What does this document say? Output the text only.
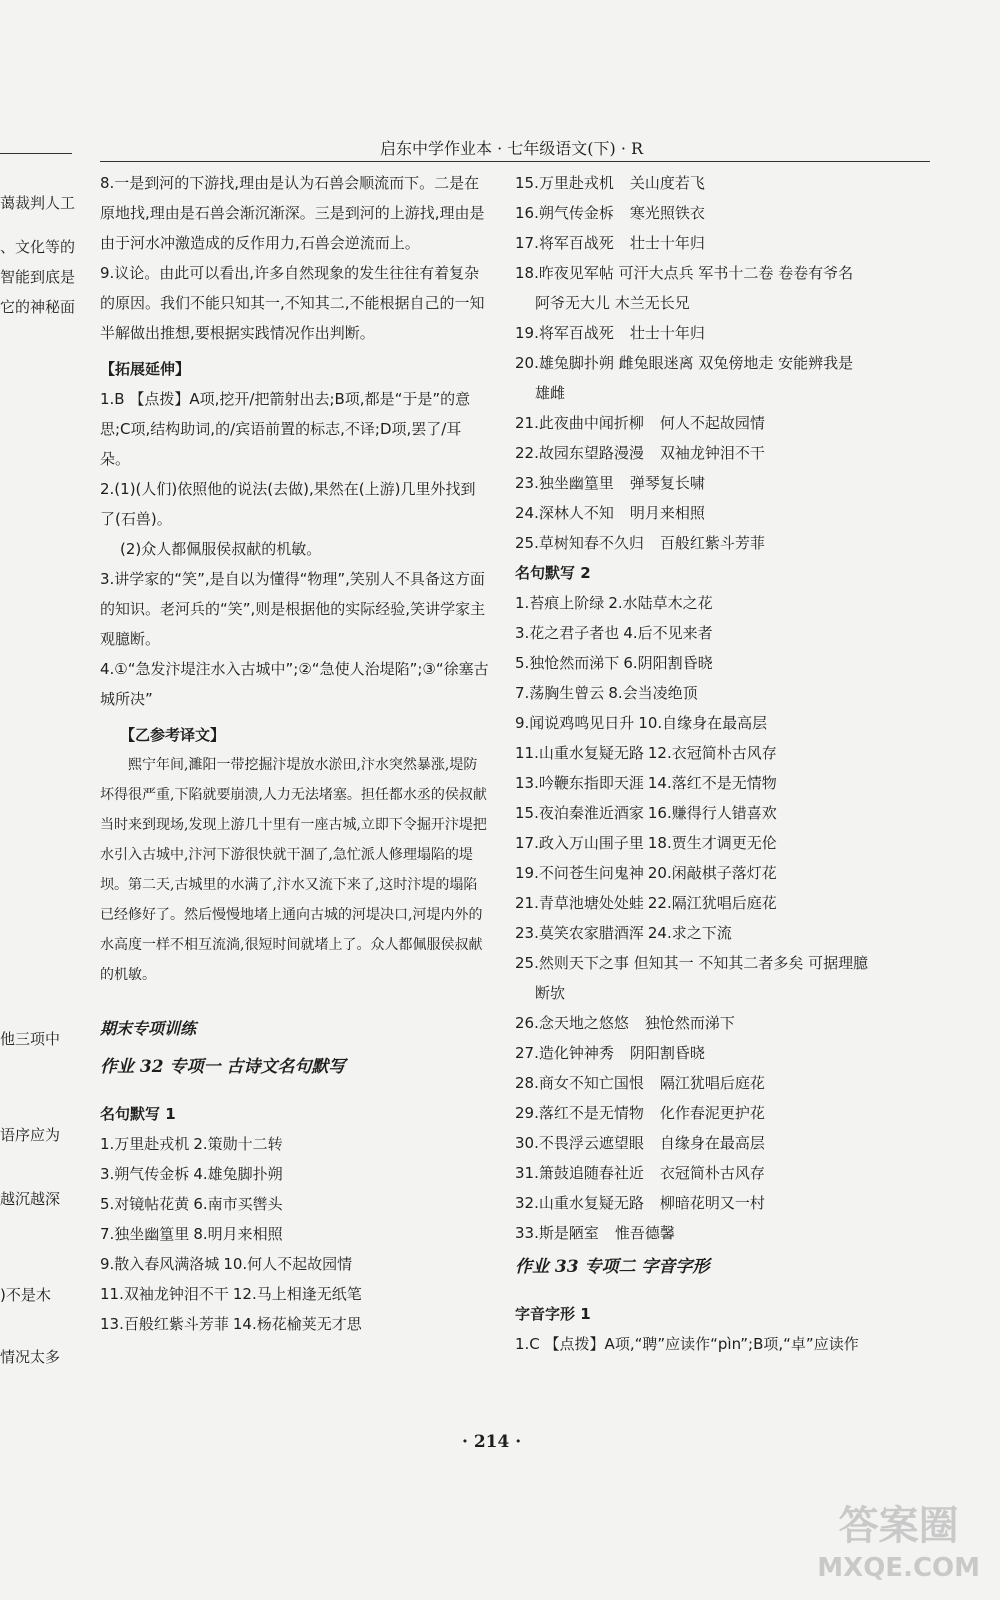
启东中学作业本 · 七年级语文(下) · R
蔼裁判人工
、文化等的
智能到底是
它的神秘面
他三项中
语序应为
越沉越深
)不是木
情况太多

8.一是到河的下游找,理由是认为石兽会顺流而下。二是在原地找,理由是石兽会渐沉渐深。三是到河的上游找,理由是由于河水冲激造成的反作用力,石兽会逆流而上。

9.议论。由此可以看出,许多自然现象的发生往往有着复杂的原因。我们不能只知其一,不知其二,不能根据自己的一知半解做出推想,要根据实践情况作出判断。

【拓展延伸】

1.B 【点拨】A项,挖开/把箭射出去;B项,都是“于是”的意思;C项,结构助词,的/宾语前置的标志,不译;D项,罢了/耳朵。

2.(1)(人们)依照他的说法(去做),果然在(上游)几里外找到了(石兽)。

(2)众人都佩服侯叔献的机敏。

3.讲学家的“笑”,是自以为懂得“物理”,笑别人不具备这方面的知识。老河兵的“笑”,则是根据他的实际经验,笑讲学家主观臆断。

4.①“急发汴堤注水入古城中”;②“急使人治堤陷”;③“徐塞古城所决”

【乙参考译文】

熙宁年间,濉阳一带挖掘汴堤放水淤田,汴水突然暴涨,堤防坏得很严重,下陷就要崩溃,人力无法堵塞。担任都水丞的侯叔献当时来到现场,发现上游几十里有一座古城,立即下令掘开汴堤把水引入古城中,汴河下游很快就干涸了,急忙派人修理塌陷的堤坝。第二天,古城里的水满了,汴水又流下来了,这时汴堤的塌陷已经修好了。然后慢慢地堵上通向古城的河堤决口,河堤内外的水高度一样不相互流淌,很短时间就堵上了。众人都佩服侯叔献的机敏。

期末专项训练

作业 32 专项一 古诗文名句默写

名句默写 1

1.万里赴戎机 2.策勋十二转
3.朔气传金柝 4.雄兔脚扑朔
5.对镜帖花黄 6.南市买辔头
7.独坐幽篁里 8.明月来相照
9.散入春风满洛城 10.何人不起故园情
11.双袖龙钟泪不干 12.马上相逢无纸笔
13.百般红紫斗芳菲 14.杨花榆荚无才思
15.万里赴戎机 关山度若飞
16.朔气传金柝 寒光照铁衣
17.将军百战死 壮士十年归

18.昨夜见军帖 可汗大点兵 军书十二卷 卷卷有爷名

阿爷无大儿 木兰无长兄

19.将军百战死 壮士十年归

20.雄兔脚扑朔 雌兔眼迷离 双兔傍地走 安能辨我是

雄雌

21.此夜曲中闻折柳 何人不起故园情
22.故园东望路漫漫 双袖龙钟泪不干
23.独坐幽篁里 弹琴复长啸
24.深林人不知 明月来相照
25.草树知春不久归 百般红紫斗芳菲

名句默写 2

1.苔痕上阶绿 2.水陆草木之花
3.花之君子者也 4.后不见来者
5.独怆然而涕下 6.阴阳割昏晓
7.荡胸生曾云 8.会当凌绝顶
9.闻说鸡鸣见日升 10.自缘身在最高层
11.山重水复疑无路 12.衣冠简朴古风存
13.吟鞭东指即天涯 14.落红不是无情物
15.夜泊秦淮近酒家 16.赚得行人错喜欢
17.政入万山围子里 18.贾生才调更无伦
19.不问苍生问鬼神 20.闲敲棋子落灯花
21.青草池塘处处蛙 22.隔江犹唱后庭花
23.莫笑农家腊酒浑 24.求之下流

25.然则天下之事 但知其一 不知其二者多矣 可据理臆

断欤

26.念天地之悠悠 独怆然而涕下
27.造化钟神秀 阴阳割昏晓
28.商女不知亡国恨 隔江犹唱后庭花
29.落红不是无情物 化作春泥更护花
30.不畏浮云遮望眼 自缘身在最高层
31.箫鼓追随春社近 衣冠简朴古风存
32.山重水复疑无路 柳暗花明又一村
33.斯是陋室 惟吾德馨

作业 33 专项二 字音字形

字音字形 1

1.C 【点拨】A项,“聘”应读作“pìn”;B项,“卓”应读作

· 214 ·
答案圈
MXQE.COM
